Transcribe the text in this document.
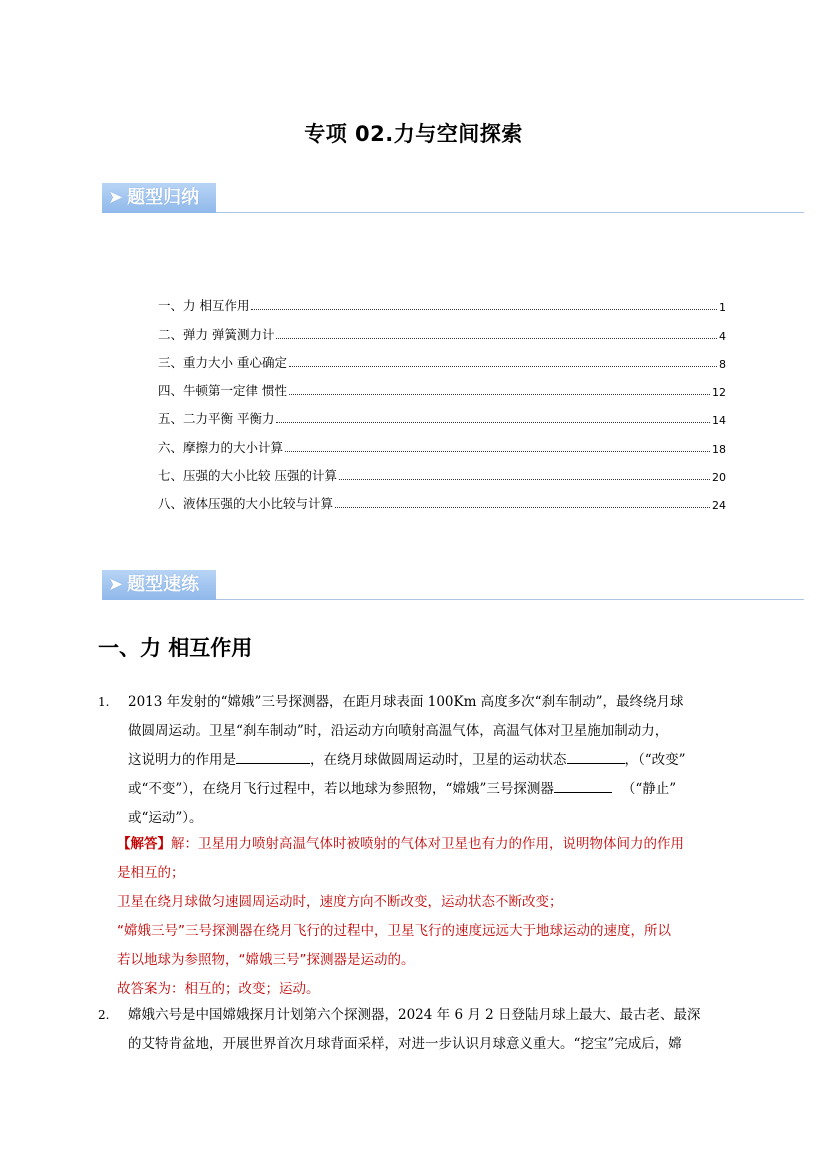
专项 02.力与空间探索
➤ 题型归纳
一、力 相互作用	1
二、弹力 弹簧测力计	4
三、重力大小 重心确定	8
四、牛顿第一定律 惯性	12
五、二力平衡 平衡力	14
六、摩擦力的大小计算	18
七、压强的大小比较 压强的计算	20
八、液体压强的大小比较与计算	24
➤ 题型速练
一、力 相互作用
1. 2013 年发射的“嫦娥”三号探测器，在距月球表面 100Km 高度多次“刹车制动”，最终绕月球
做圆周运动。卫星“刹车制动”时，沿运动方向喷射高温气体，高温气体对卫星施加制动力，
这说明力的作用是	，在绕月球做圆周运动时，卫星的运动状态	，（“改变”
或“不变”），在绕月飞行过程中，若以地球为参照物，“嫦娥”三号探测器	（“静止”
或“运动”）。
【解答】解：卫星用力喷射高温气体时被喷射的气体对卫星也有力的作用，说明物体间力的作用
是相互的；
卫星在绕月球做匀速圆周运动时，速度方向不断改变，运动状态不断改变；
“嫦娥三号”三号探测器在绕月飞行的过程中，卫星飞行的速度远远大于地球运动的速度，所以
若以地球为参照物，“嫦娥三号”探测器是运动的。
故答案为：相互的；改变；运动。
2. 嫦娥六号是中国嫦娥探月计划第六个探测器，2024 年 6 月 2 日登陆月球上最大、最古老、最深
的艾特肯盆地，开展世界首次月球背面采样，对进一步认识月球意义重大。“挖宝”完成后，嫦
